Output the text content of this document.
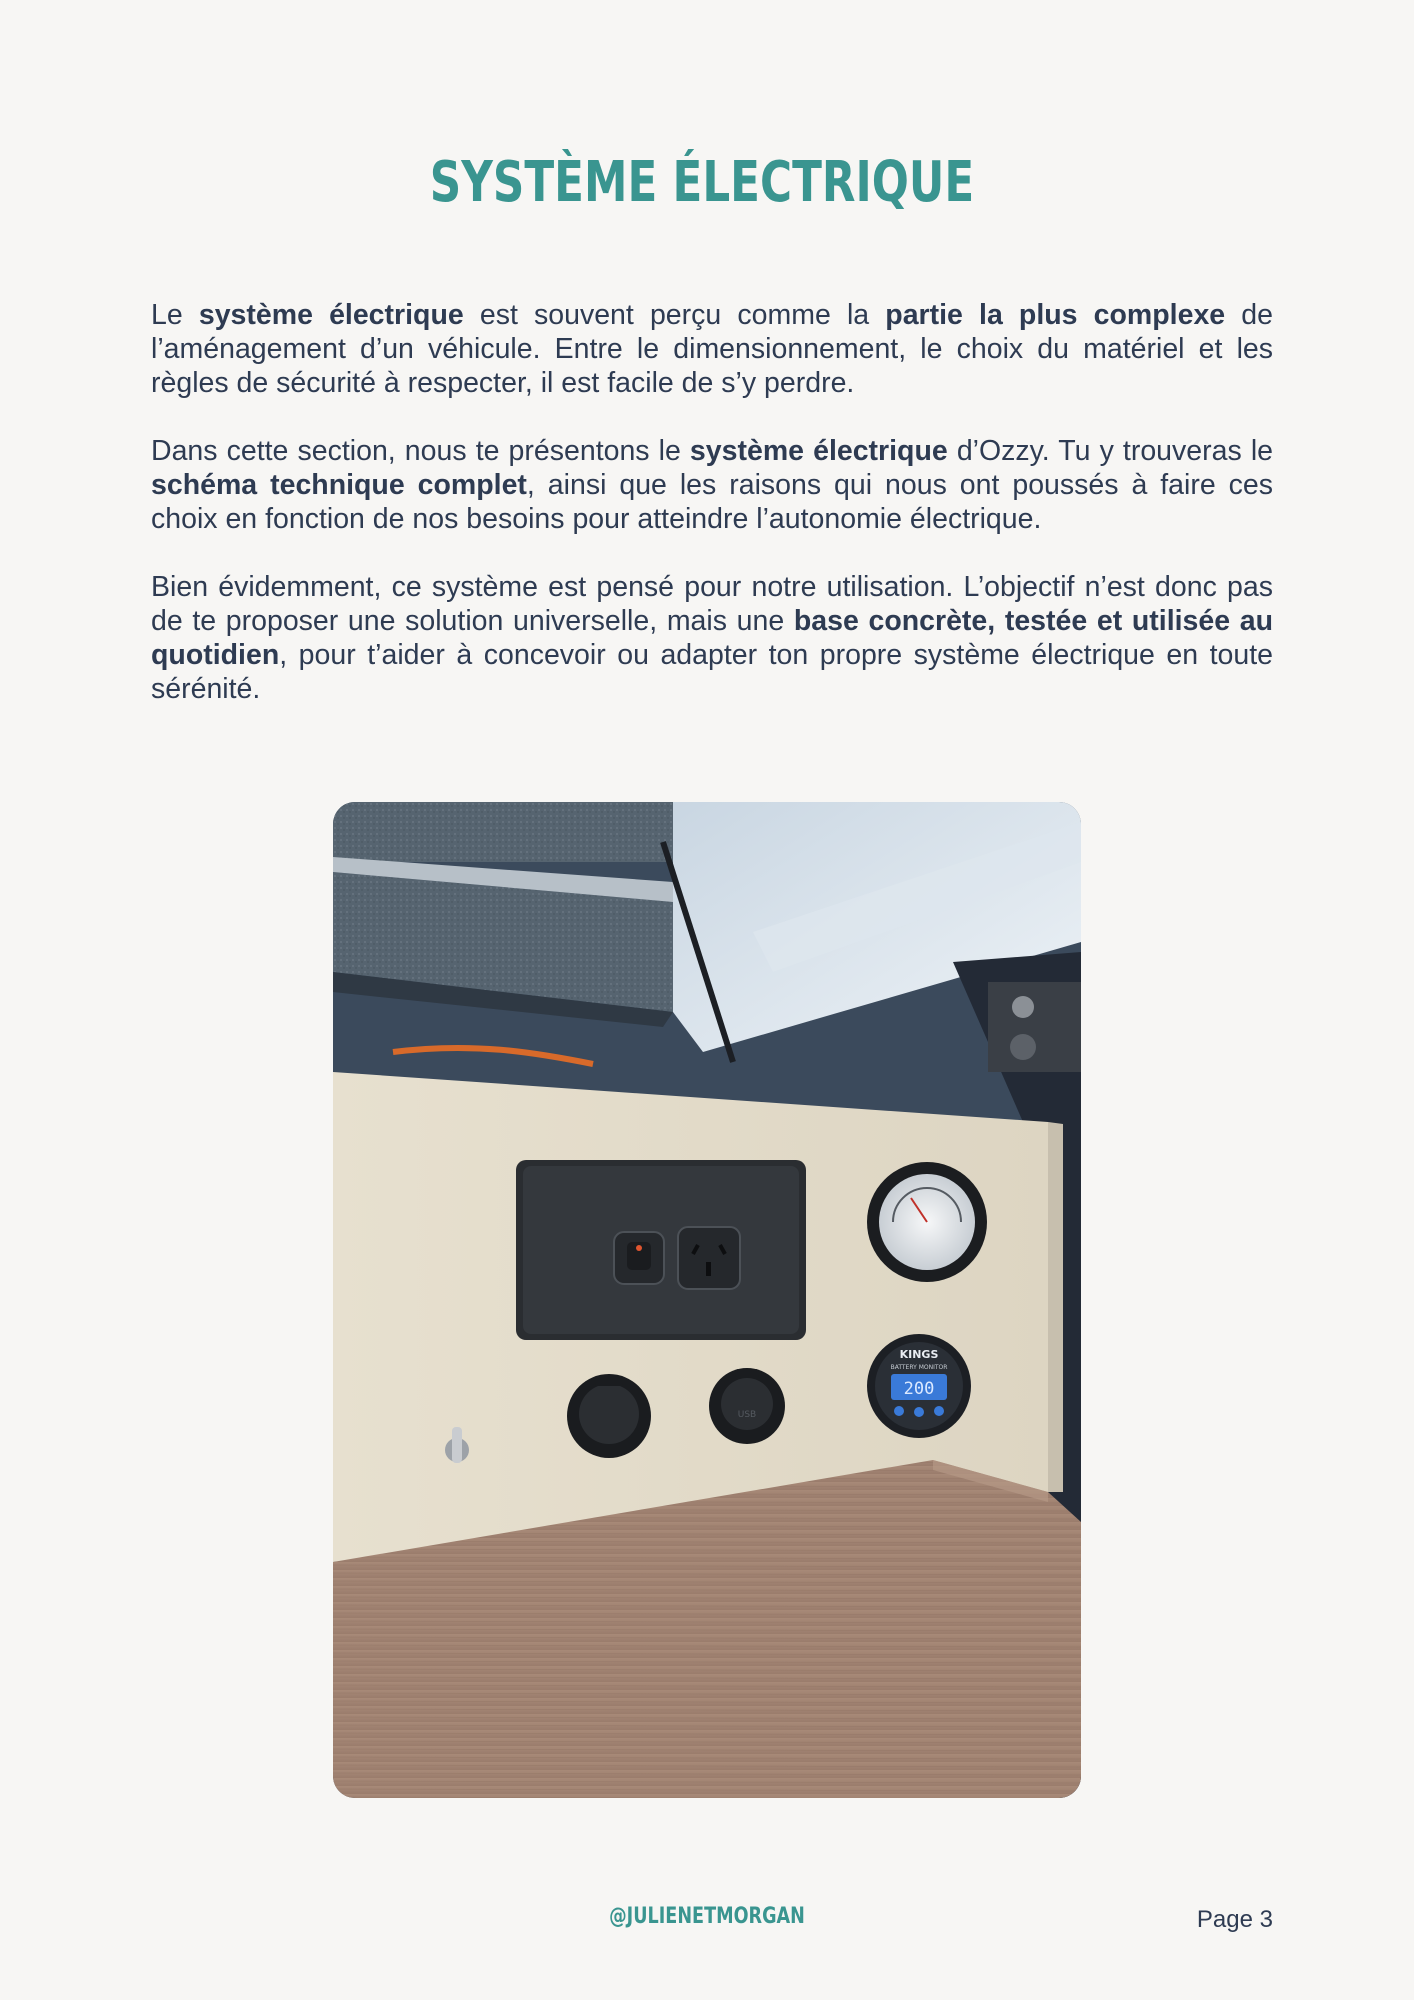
SYSTÈME ÉLECTRIQUE

Le système électrique est souvent perçu comme la partie la plus complexe de l’aménagement d’un véhicule. Entre le dimensionnement, le choix du matériel et les règles de sécurité à respecter, il est facile de s’y perdre.

Dans cette section, nous te présentons le système électrique d’Ozzy. Tu y trouveras le schéma technique complet, ainsi que les raisons qui nous ont poussés à faire ces choix en fonction de nos besoins pour atteindre l’autonomie électrique.

Bien évidemment, ce système est pensé pour notre utilisation. L’objectif n’est donc pas de te proposer une solution universelle, mais une base concrète, testée et utilisée au quotidien, pour t’aider à concevoir ou adapter ton propre système électrique en toute sérénité.

KINGS
BATTERY MONITOR
200
USB
@JULIENETMORGAN	Page 3
